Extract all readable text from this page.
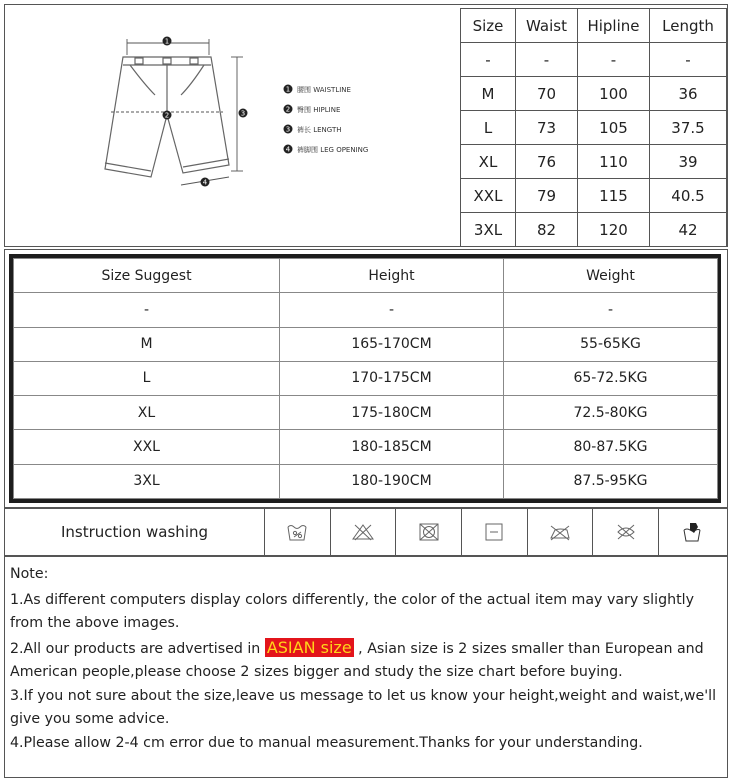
1
2	3
4
1
2
3
4
腰围 WAISTLINE
臀围 HIPLINE
裤长 LENGTH
裤脚围 LEG OPENING
Size	Waist	Hipline	Length
-	-	-	-
M	70	100	36
L	73	105	37.5
XL	76	110	39
XXL	79	115	40.5
3XL	82	120	42
Size Suggest	Height	Weight
-	-	-
M	165-170CM	55-65KG
L	170-175CM	65-72.5KG
XL	175-180CM	72.5-80KG
XXL	180-185CM	80-87.5KG
3XL	180-190CM	87.5-95KG
Instruction washing

Note:

1.As different computers display colors differently, the color of the actual item may vary slightly from the above images.

2.All our products are advertised in ASIAN size , Asian size is 2 sizes smaller than European and American people,please choose 2 sizes bigger and study the size chart before buying.

3.If you not sure about the size,leave us message to let us know your height,weight and waist,we'll give you some advice.

4.Please allow 2-4 cm error due to manual measurement.Thanks for your understanding.
